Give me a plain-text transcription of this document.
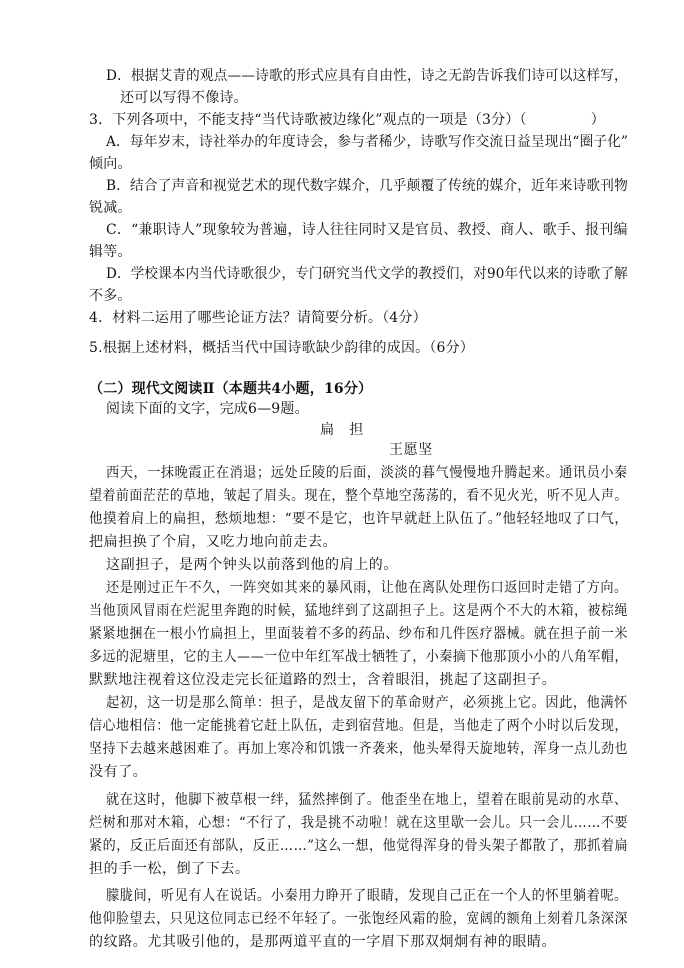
D．根据艾青的观点——诗歌的形式应具有自由性，诗之无韵告诉我们诗可以这样写，
还可以写得不像诗。
3．下列各项中，不能支持“当代诗歌被边缘化”观点的一项是（3分）（	）
A．每年岁末，诗社举办的年度诗会，参与者稀少，诗歌写作交流日益呈现出“圈子化”
倾向。
B．结合了声音和视觉艺术的现代数字媒介，几乎颠覆了传统的媒介，近年来诗歌刊物
锐减。
C．“兼职诗人”现象较为普遍，诗人往往同时又是官员、教授、商人、歌手、报刊编
辑等。
D．学校课本内当代诗歌很少，专门研究当代文学的教授们，对90年代以来的诗歌了解
不多。
4．材料二运用了哪些论证方法？请简要分析。（4分）
5.根据上述材料，概括当代中国诗歌缺少韵律的成因。（6分）
（二）现代文阅读Ⅱ（本题共4小题，16分）
阅读下面的文字，完成6—9题。
扁　担
王愿坚
西天，一抹晚霞正在消退；远处丘陵的后面，淡淡的暮气慢慢地升腾起来。通讯员小秦
望着前面茫茫的草地，皱起了眉头。现在，整个草地空荡荡的，看不见火光，听不见人声。
他摸着肩上的扁担，愁烦地想：“要不是它，也许早就赶上队伍了。”他轻轻地叹了口气，
把扁担换了个肩，又吃力地向前走去。
这副担子，是两个钟头以前落到他的肩上的。
还是刚过正午不久，一阵突如其来的暴风雨，让他在离队处理伤口返回时走错了方向。
当他顶风冒雨在烂泥里奔跑的时候，猛地绊到了这副担子上。这是两个不大的木箱，被棕绳
紧紧地捆在一根小竹扁担上，里面装着不多的药品、纱布和几件医疗器械。就在担子前一米
多远的泥塘里，它的主人——一位中年红军战士牺牲了，小秦摘下他那顶小小的八角军帽，
默默地注视着这位没走完长征道路的烈士，含着眼泪，挑起了这副担子。
起初，这一切是那么简单：担子，是战友留下的革命财产，必须挑上它。因此，他满怀
信心地相信：他一定能挑着它赶上队伍，走到宿营地。但是，当他走了两个小时以后发现，
坚持下去越来越困难了。再加上寒冷和饥饿一齐袭来，他头晕得天旋地转，浑身一点儿劲也
没有了。
就在这时，他脚下被草根一绊，猛然摔倒了。他歪坐在地上，望着在眼前晃动的水草、
烂树和那对木箱，心想：“不行了，我是挑不动啦！就在这里歇一会儿。只一会儿……不要
紧的，反正后面还有部队，反正……”这么一想，他觉得浑身的骨头架子都散了，那抓着扁
担的手一松，倒了下去。
朦胧间，听见有人在说话。小秦用力睁开了眼睛，发现自己正在一个人的怀里躺着呢。
他仰脸望去，只见这位同志已经不年轻了。一张饱经风霜的脸，宽阔的额角上刻着几条深深
的纹路。尤其吸引他的，是那两道平直的一字眉下那双炯炯有神的眼睛。
